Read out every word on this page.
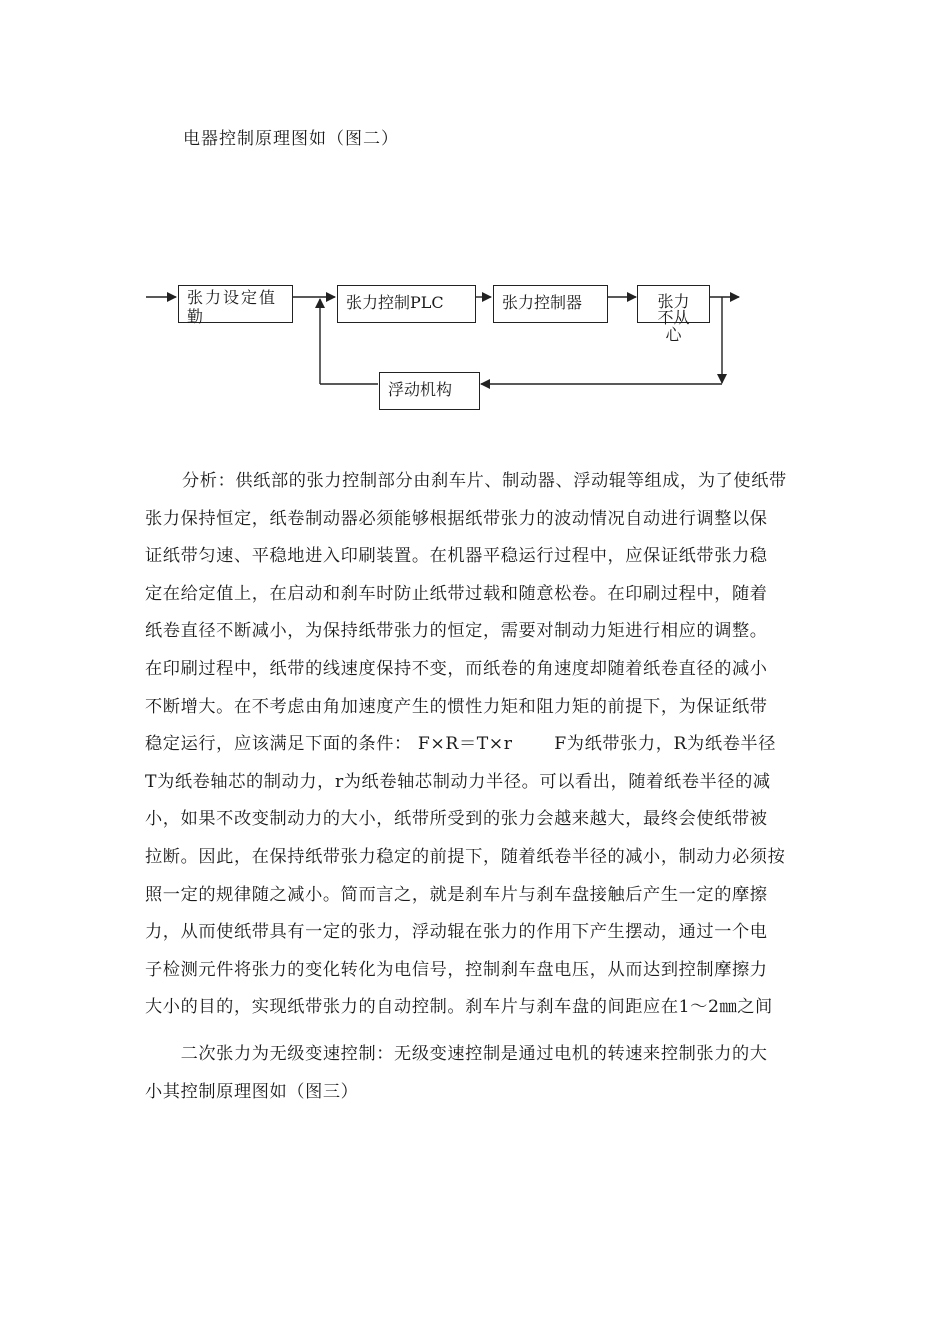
电器控制原理图如（图二）
张力设定值勤
张力控制PLC	张力控制器	张力
不从
心
浮动机构

分析：供纸部的张力控制部分由刹车片、制动器、浮动辊等组成，为了使纸带

张力保持恒定，纸卷制动器必须能够根据纸带张力的波动情况自动进行调整以保

证纸带匀速、平稳地进入印刷装置。在机器平稳运行过程中，应保证纸带张力稳

定在给定值上，在启动和刹车时防止纸带过载和随意松卷。在印刷过程中，随着

纸卷直径不断减小，为保持纸带张力的恒定，需要对制动力矩进行相应的调整。

在印刷过程中，纸带的线速度保持不变，而纸卷的角速度却随着纸卷直径的减小

不断增大。在不考虑由角加速度产生的惯性力矩和阻力矩的前提下，为保证纸带

稳定运行，应该满足下面的条件： F×R＝T×r　　 F为纸带张力，R为纸卷半径

T为纸卷轴芯的制动力，r为纸卷轴芯制动力半径。可以看出，随着纸卷半径的减

小，如果不改变制动力的大小，纸带所受到的张力会越来越大，最终会使纸带被

拉断。因此，在保持纸带张力稳定的前提下，随着纸卷半径的减小，制动力必须按

照一定的规律随之减小。简而言之，就是刹车片与刹车盘接触后产生一定的摩擦

力，从而使纸带具有一定的张力，浮动辊在张力的作用下产生摆动，通过一个电

子检测元件将张力的变化转化为电信号，控制刹车盘电压，从而达到控制摩擦力

大小的目的，实现纸带张力的自动控制。刹车片与刹车盘的间距应在1～2㎜之间

　　二次张力为无级变速控制：无级变速控制是通过电机的转速来控制张力的大

小其控制原理图如（图三）
